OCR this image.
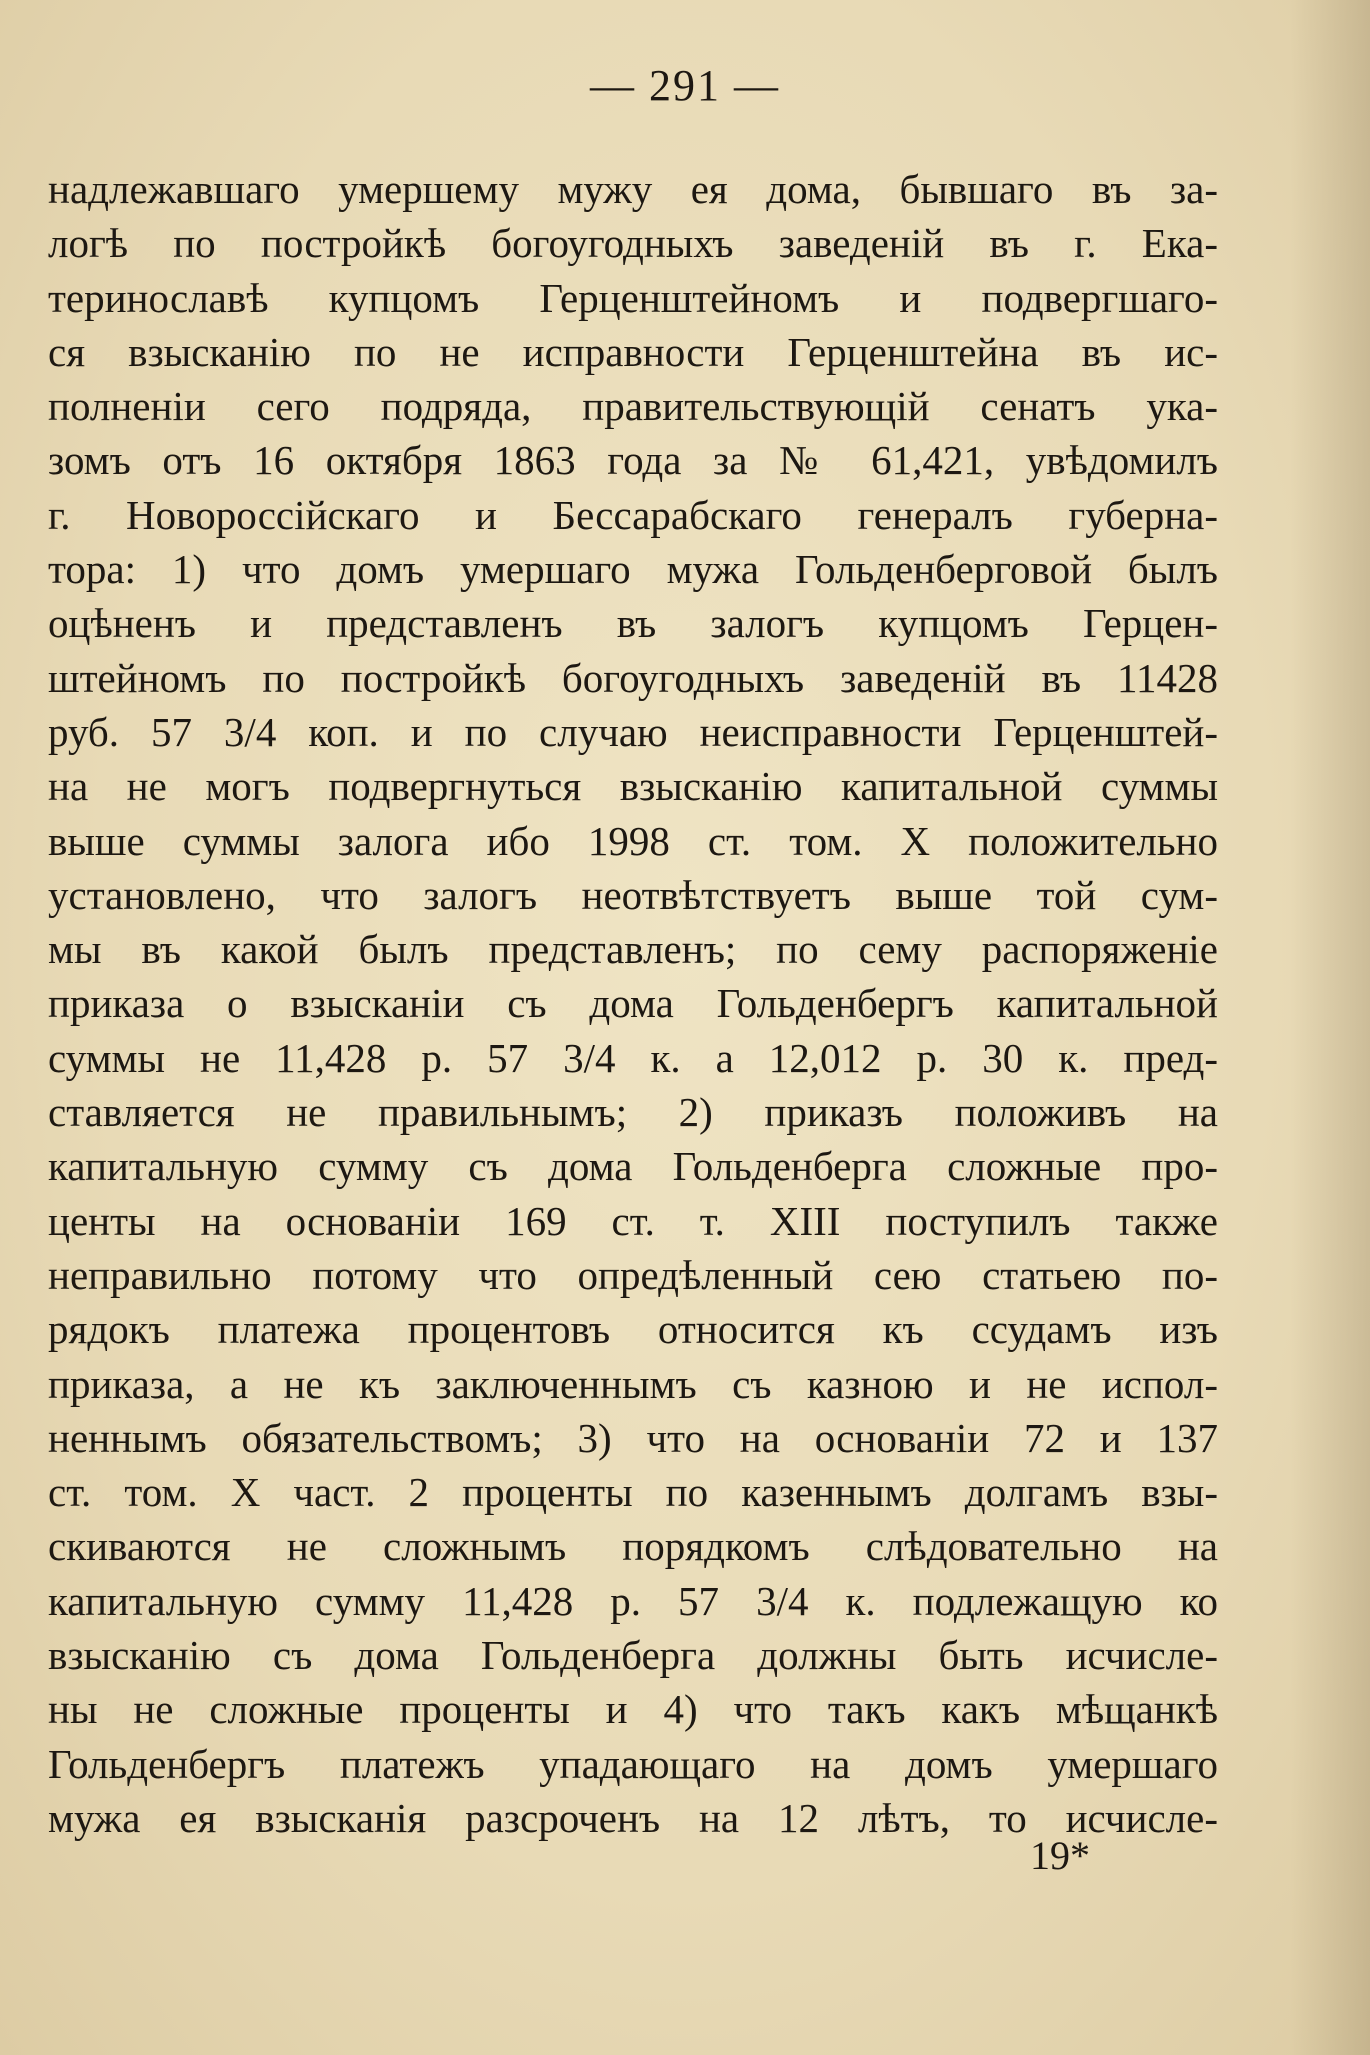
— 291 —
надлежавшаго умершему мужу ея дома, бывшаго въ за-
логѣ по постройкѣ богоугодныхъ заведеній въ г. Ека-
теринославѣ купцомъ Герценштейномъ и подвергшаго-
ся взысканію по не исправности Герценштейна въ ис-
полненіи сего подряда, правительствующій сенатъ ука-
зомъ отъ 16 октября 1863 года за № 61,421, увѣдомилъ
г. Новороссійскаго и Бессарабскаго генералъ губерна-
тора: 1) что домъ умершаго мужа Гольденберговой былъ
оцѣненъ и представленъ въ залогъ купцомъ Герцен-
штейномъ по постройкѣ богоугодныхъ заведеній въ 11428
руб. 57 3/4 коп. и по случаю неисправности Герценштей-
на не могъ подвергнуться взысканію капитальной суммы
выше суммы залога ибо 1998 ст. том. X положительно
установлено, что залогъ неотвѣтствуетъ выше той сум-
мы въ какой былъ представленъ; по сему распоряженіе
приказа о взысканіи съ дома Гольденбергъ капитальной
суммы не 11,428 р. 57 3/4 к. а 12,012 р. 30 к. пред-
ставляется не правильнымъ; 2) приказъ положивъ на
капитальную сумму съ дома Гольденберга сложные про-
центы на основаніи 169 ст. т. XIII поступилъ также
неправильно потому что опредѣленный сею статьею по-
рядокъ платежа процентовъ относится къ ссудамъ изъ
приказа, а не къ заключеннымъ съ казною и не испол-
неннымъ обязательствомъ; 3) что на основаніи 72 и 137
ст. том. X част. 2 проценты по казеннымъ долгамъ взы-
скиваются не сложнымъ порядкомъ слѣдовательно на
капитальную сумму 11,428 р. 57 3/4 к. подлежащую ко
взысканію съ дома Гольденберга должны быть исчисле-
ны не сложные проценты и 4) что такъ какъ мѣщанкѣ
Гольденбергъ платежъ упадающаго на домъ умершаго
мужа ея взысканія разсроченъ на 12 лѣтъ, то исчисле-
19*
